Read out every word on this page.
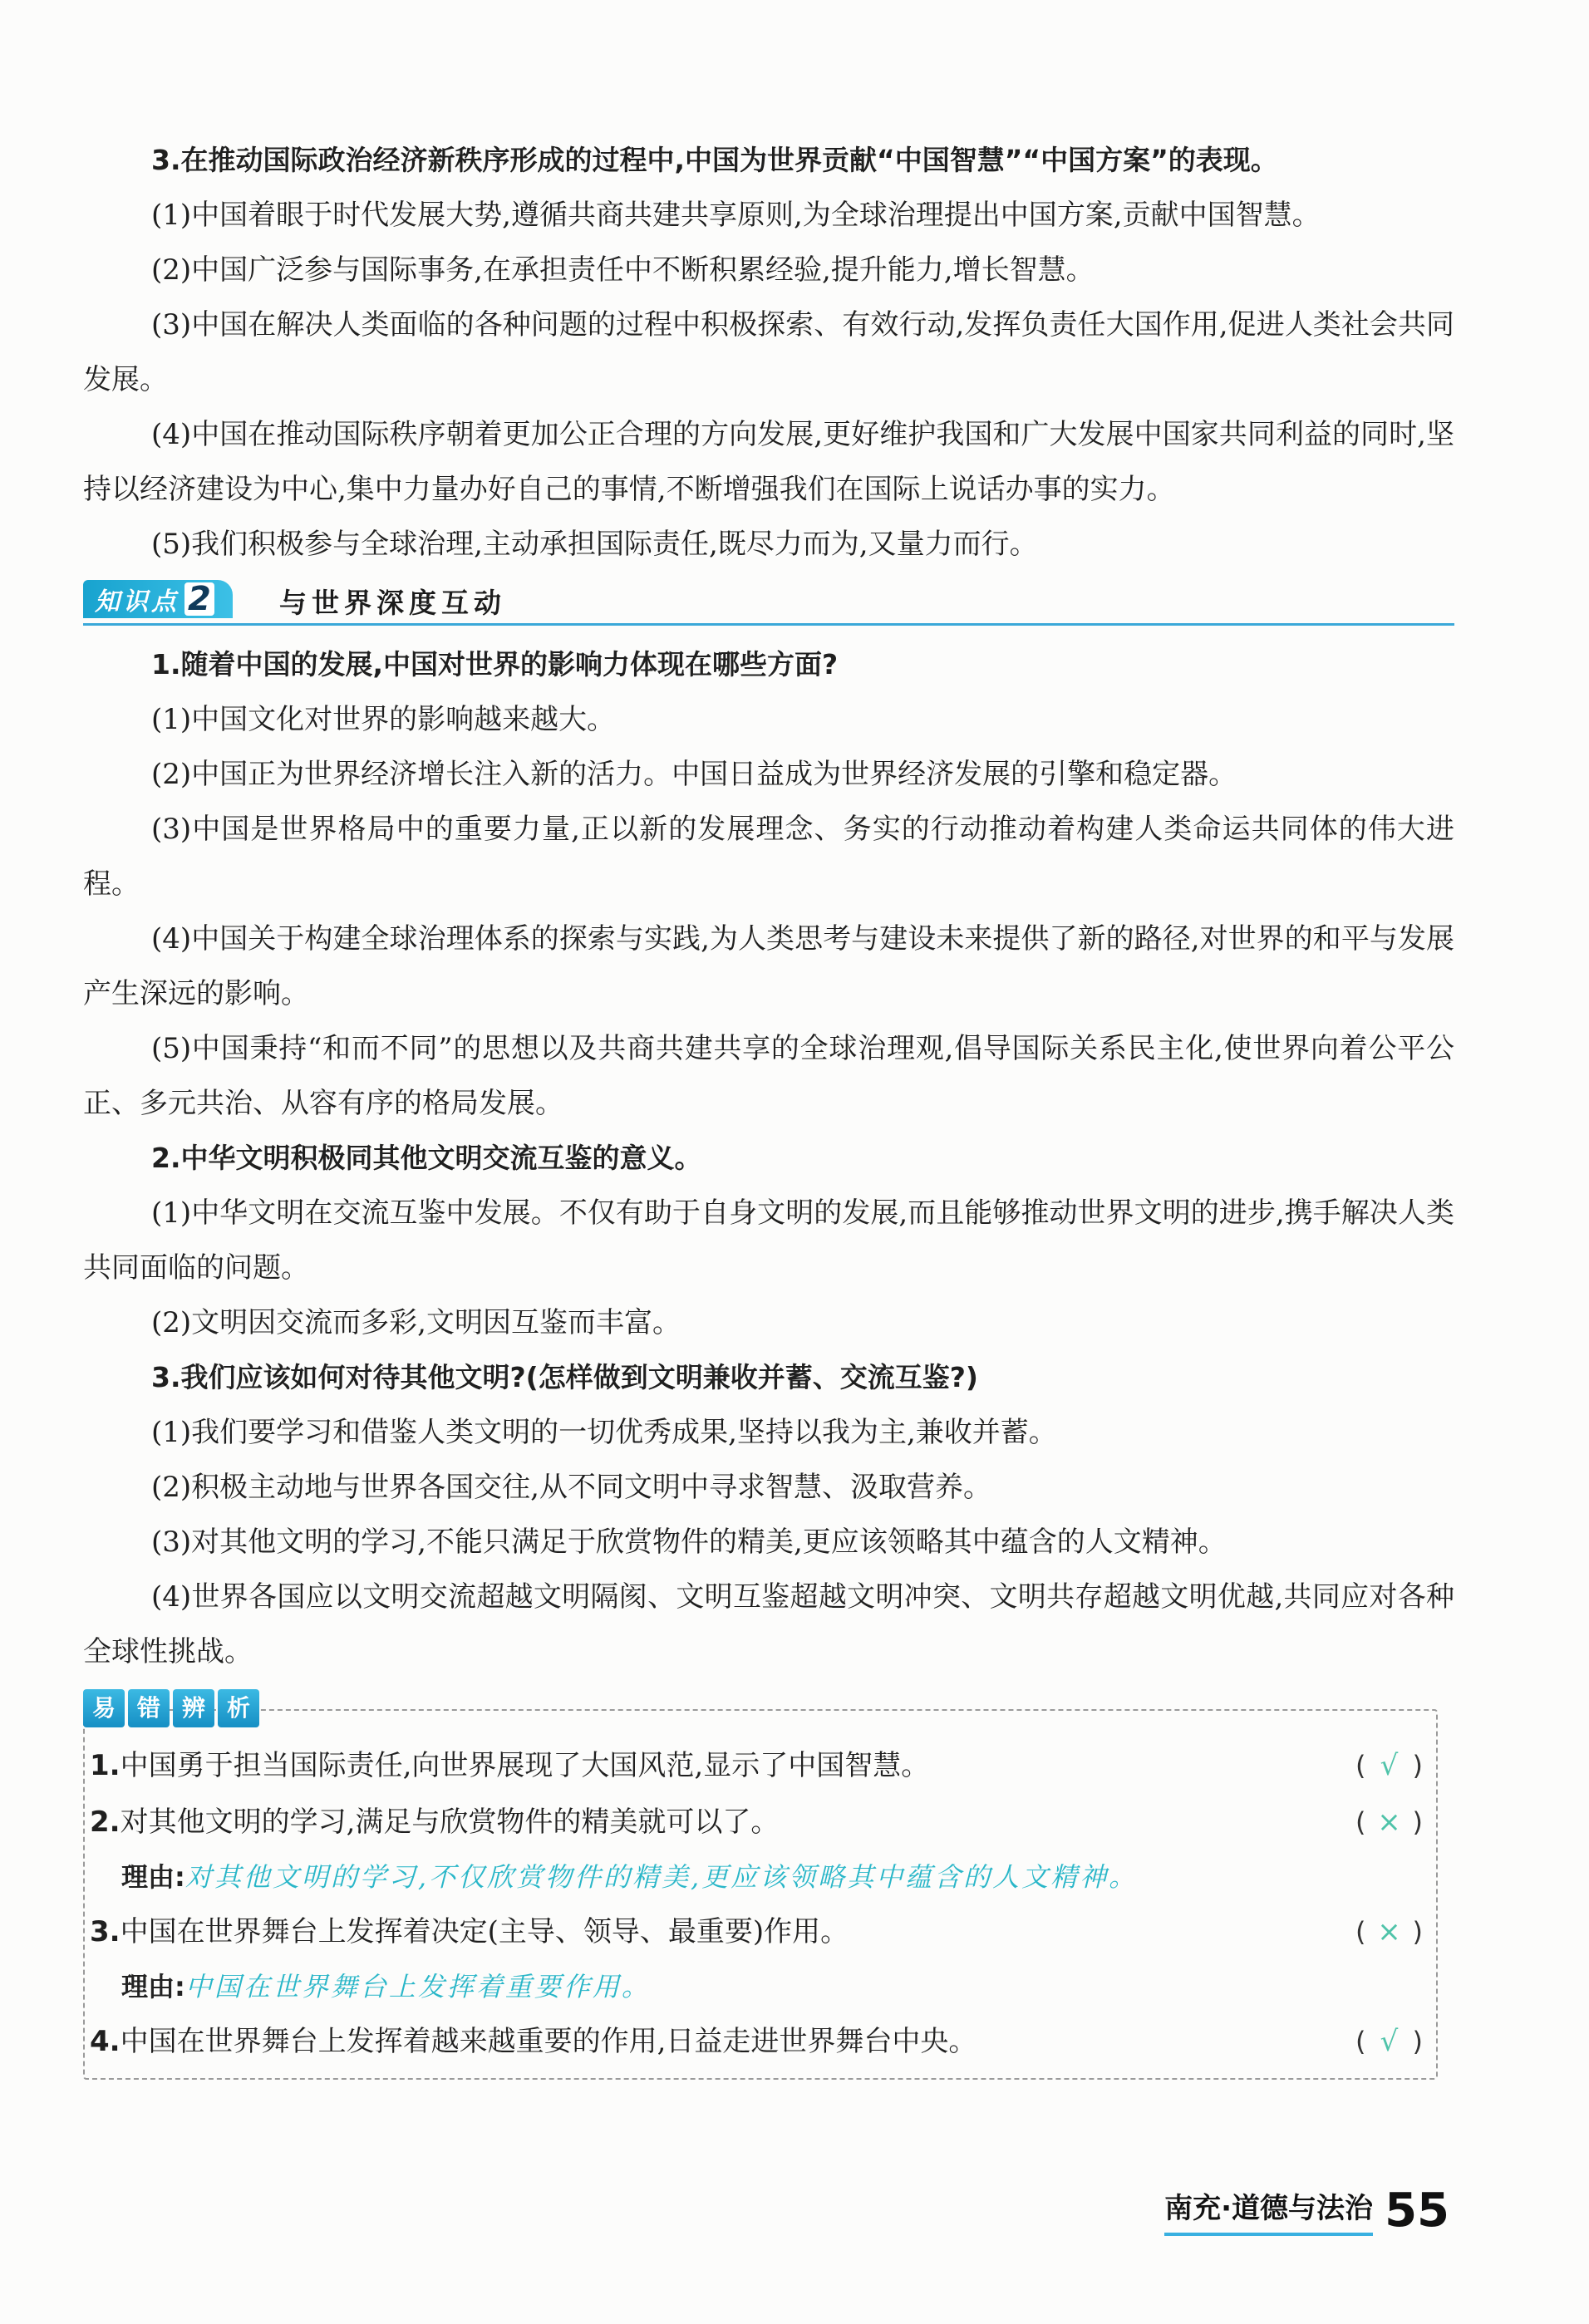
3.在推动国际政治经济新秩序形成的过程中,中国为世界贡献“中国智慧”“中国方案”的表现。

(1)中国着眼于时代发展大势,遵循共商共建共享原则,为全球治理提出中国方案,贡献中国智慧。

(2)中国广泛参与国际事务,在承担责任中不断积累经验,提升能力,增长智慧。

(3)中国在解决人类面临的各种问题的过程中积极探索、有效行动,发挥负责任大国作用,促进人类社会共同发展。

(4)中国在推动国际秩序朝着更加公正合理的方向发展,更好维护我国和广大发展中国家共同利益的同时,坚持以经济建设为中心,集中力量办好自己的事情,不断增强我们在国际上说话办事的实力。

(5)我们积极参与全球治理,主动承担国际责任,既尽力而为,又量力而行。

知识点 2 与世界深度互动

1.随着中国的发展,中国对世界的影响力体现在哪些方面?

(1)中国文化对世界的影响越来越大。

(2)中国正为世界经济增长注入新的活力。中国日益成为世界经济发展的引擎和稳定器。

(3)中国是世界格局中的重要力量,正以新的发展理念、务实的行动推动着构建人类命运共同体的伟大进程。

(4)中国关于构建全球治理体系的探索与实践,为人类思考与建设未来提供了新的路径,对世界的和平与发展产生深远的影响。

(5)中国秉持“和而不同”的思想以及共商共建共享的全球治理观,倡导国际关系民主化,使世界向着公平公正、多元共治、从容有序的格局发展。

2.中华文明积极同其他文明交流互鉴的意义。

(1)中华文明在交流互鉴中发展。不仅有助于自身文明的发展,而且能够推动世界文明的进步,携手解决人类共同面临的问题。

(2)文明因交流而多彩,文明因互鉴而丰富。

3.我们应该如何对待其他文明?(怎样做到文明兼收并蓄、交流互鉴?)

(1)我们要学习和借鉴人类文明的一切优秀成果,坚持以我为主,兼收并蓄。

(2)积极主动地与世界各国交往,从不同文明中寻求智慧、汲取营养。

(3)对其他文明的学习,不能只满足于欣赏物件的精美,更应该领略其中蕴含的人文精神。

(4)世界各国应以文明交流超越文明隔阂、文明互鉴超越文明冲突、文明共存超越文明优越,共同应对各种全球性挑战。

易 错 辨 析
1.中国勇于担当国际责任,向世界展现了大国风范,显示了中国智慧。	( √ )
2.对其他文明的学习,满足与欣赏物件的精美就可以了。	( × )
理由:对其他文明的学习,不仅欣赏物件的精美,更应该领略其中蕴含的人文精神。
3.中国在世界舞台上发挥着决定(主导、领导、最重要)作用。	( × )
理由:中国在世界舞台上发挥着重要作用。
4.中国在世界舞台上发挥着越来越重要的作用,日益走进世界舞台中央。	( √ )
南充·道德与法治 55
